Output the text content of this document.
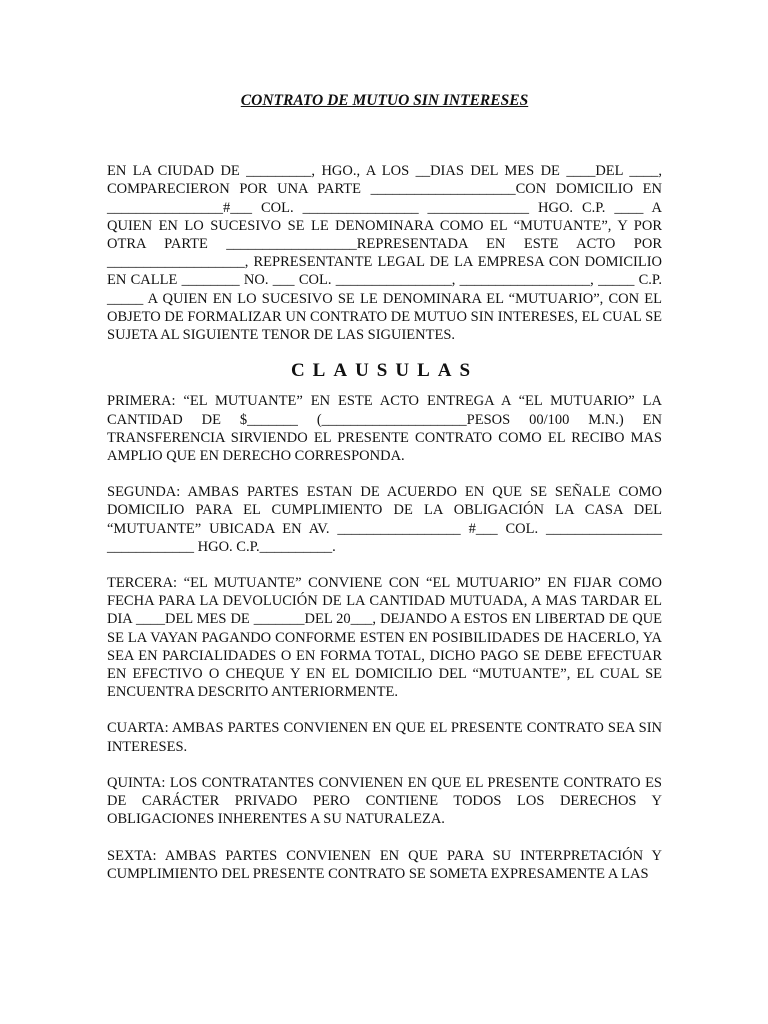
CONTRATO DE MUTUO SIN INTERESES
EN LA CIUDAD DE _________, HGO., A LOS __DIAS DEL MES DE ____DEL ____, COMPARECIERON POR UNA PARTE ____________________CON DOMICILIO EN ________________#___ COL. ________________ ______________ HGO. C.P. ____ A QUIEN EN LO SUCESIVO SE LE DENOMINARA COMO EL “MUTUANTE”, Y POR OTRA PARTE __________________REPRESENTADA EN ESTE ACTO POR ___________________, REPRESENTANTE LEGAL DE LA EMPRESA CON DOMICILIO EN CALLE ________ NO. ___ COL. ________________, __________________, _____ C.P. _____ A QUIEN EN LO SUCESIVO SE LE DENOMINARA EL “MUTUARIO”, CON EL OBJETO DE FORMALIZAR UN CONTRATO DE MUTUO SIN INTERESES, EL CUAL SE SUJETA AL SIGUIENTE TENOR DE LAS SIGUIENTES.
CLAUSULAS
PRIMERA: “EL MUTUANTE” EN ESTE ACTO ENTREGA A “EL MUTUARIO” LA CANTIDAD DE $_______ (____________________PESOS 00/100 M.N.) EN TRANSFERENCIA SIRVIENDO EL PRESENTE CONTRATO COMO EL RECIBO MAS AMPLIO QUE EN DERECHO CORRESPONDA.
SEGUNDA: AMBAS PARTES ESTAN DE ACUERDO EN QUE SE SEÑALE COMO DOMICILIO PARA EL CUMPLIMIENTO DE LA OBLIGACIÓN LA CASA DEL “MUTUANTE” UBICADA EN AV. _________________ #___ COL. ________________ ____________ HGO. C.P.__________.
TERCERA: “EL MUTUANTE” CONVIENE CON “EL MUTUARIO” EN FIJAR COMO FECHA PARA LA DEVOLUCIÓN DE LA CANTIDAD MUTUADA, A MAS TARDAR EL DIA ____DEL MES DE _______DEL 20___, DEJANDO A ESTOS EN LIBERTAD DE QUE SE LA VAYAN PAGANDO CONFORME ESTEN EN POSIBILIDADES DE HACERLO, YA SEA EN PARCIALIDADES O EN FORMA TOTAL, DICHO PAGO SE DEBE EFECTUAR EN EFECTIVO O CHEQUE Y EN EL DOMICILIO DEL “MUTUANTE”, EL CUAL SE ENCUENTRA DESCRITO ANTERIORMENTE.
CUARTA: AMBAS PARTES CONVIENEN EN QUE EL PRESENTE CONTRATO SEA SIN INTERESES.
QUINTA: LOS CONTRATANTES CONVIENEN EN QUE EL PRESENTE CONTRATO ES DE CARÁCTER PRIVADO PERO CONTIENE TODOS LOS DERECHOS Y OBLIGACIONES INHERENTES A SU NATURALEZA.
SEXTA: AMBAS PARTES CONVIENEN EN QUE PARA SU INTERPRETACIÓN Y CUMPLIMIENTO DEL PRESENTE CONTRATO SE SOMETA EXPRESAMENTE A LAS
